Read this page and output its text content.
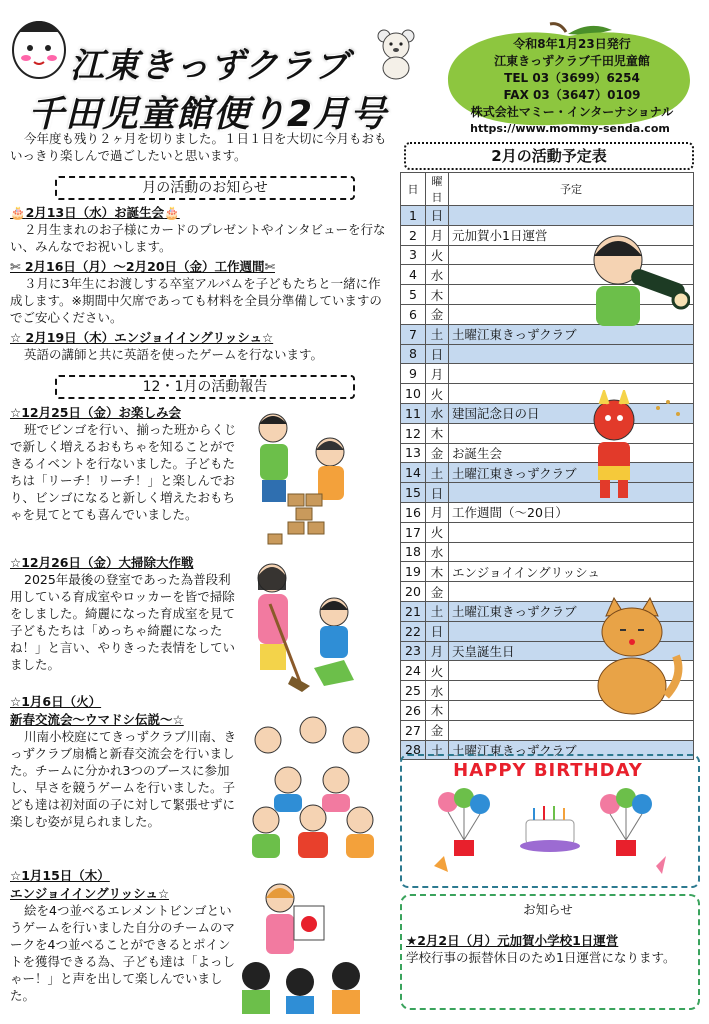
江東きっずクラブ
千田児童館便り2月号
令和8年1月23日発行
江東きっずクラブ千田児童館
TEL 03（3699）6254
FAX 03（3647）0109
株式会社マミー・インターナショナル
https://www.mommy-senda.com
今年度も残り２ヶ月を切りました。１日１日を大切に今月もおもいっきり楽しんで過ごしたいと思います。
月の活動のお知らせ
🎂2月13日（水）お誕生会🎂
２月生まれのお子様にカードのプレゼントやインタビューを行ない、みんなでお祝いします。
✄ 2月16日（月）〜2月20日（金）工作週間✄
３月に3年生にお渡しする卒室アルバムを子どもたちと一緒に作成します。※期間中欠席であっても材料を全員分準備していますのでご安心ください。
☆ 2月19日（木）エンジョイイングリッシュ☆
英語の講師と共に英語を使ったゲームを行ないます。
12・1月の活動報告
☆12月25日（金）お楽しみ会
班でビンゴを行い、揃った班からくじで新しく増えるおもちゃを知ることができるイベントを行ないました。子どもたちは「リーチ！リーチ！」と楽しんでおり、ビンゴになると新しく増えたおもちゃを見てとても喜んでいました。
☆12月26日（金）大掃除大作戦
2025年最後の登室であった為普段利用している育成室やロッカーを皆で掃除をしました。綺麗になった育成室を見て子どもたちは「めっちゃ綺麗になったね！」と言い、やりきった表情をしていました。
☆1月6日（火）
新春交流会〜ウマドシ伝説〜☆
川南小校庭にてきっずクラブ川南、きっずクラブ扇橋と新春交流会を行いました。チームに分かれ3つのブースに参加し、早さを競うゲームを行いました。子ども達は初対面の子に対して緊張せずに楽しむ姿が見られました。
☆1月15日（木）
エンジョイイングリッシュ☆
絵を4つ並べるエレメントビンゴというゲームを行いました自分のチームのマークを4つ並べることができるとポイントを獲得できる為、子ども達は「よっしゃー！」と声を出して楽しんでいました。
2月の活動予定表
日	曜日	予定
1	日	
2	月	元加賀小1日運営
3	火	
4	水	
5	木	
6	金	
7	土	土曜江東きっずクラブ
8	日	
9	月	
10	火	
11	水	建国記念日の日
12	木	
13	金	お誕生会
14	土	土曜江東きっずクラブ
15	日	
16	月	工作週間（〜20日）
17	火	
18	水	
19	木	エンジョイイングリッシュ
20	金	
21	土	土曜江東きっずクラブ
22	日	
23	月	天皇誕生日
24	火	
25	水	
26	木	
27	金	
28	土	土曜江東きっずクラブ
HAPPY BIRTHDAY
お知らせ
★2月2日（月）元加賀小学校1日運営
学校行事の振替休日のため1日運営になります。
